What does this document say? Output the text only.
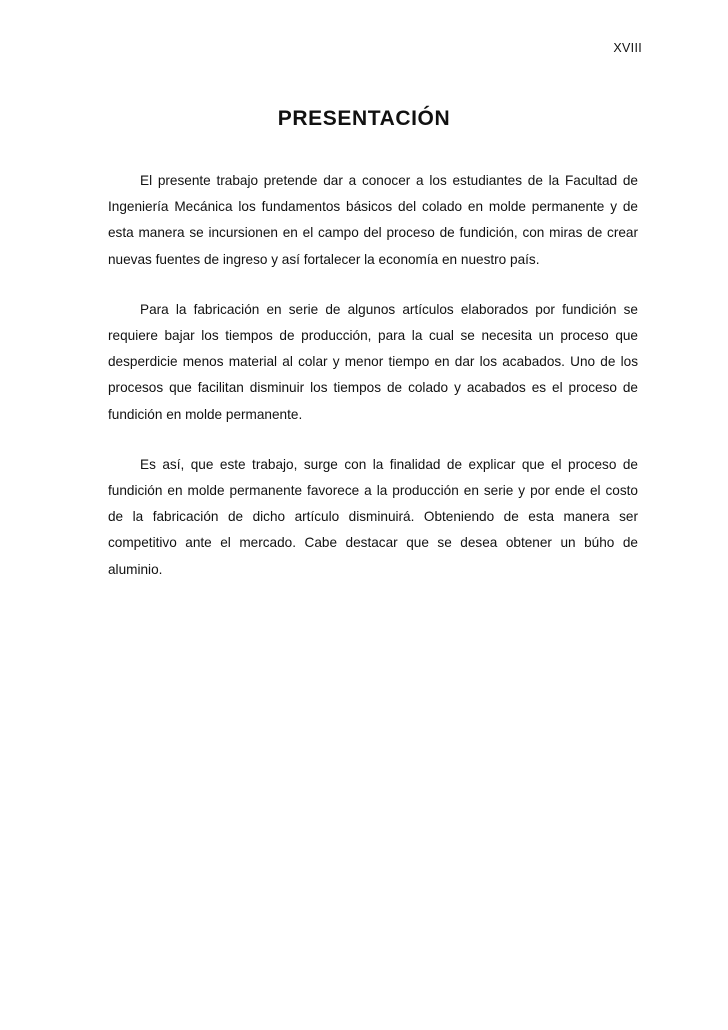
XVIII
PRESENTACIÓN

El presente trabajo pretende dar a conocer a los estudiantes de la Facultad de Ingeniería Mecánica los fundamentos básicos del colado en molde permanente y de esta manera se incursionen en el campo del proceso de fundición, con miras de crear nuevas fuentes de ingreso y así fortalecer la economía en nuestro país.

Para la fabricación en serie de algunos artículos elaborados por fundición se requiere bajar los tiempos de producción, para la cual se necesita un proceso que desperdicie menos material al colar y menor tiempo en dar los acabados. Uno de los procesos que facilitan disminuir los tiempos de colado y acabados es el proceso de fundición en molde permanente.

Es así, que este trabajo, surge con la finalidad de explicar que el proceso de fundición en molde permanente favorece a la producción en serie y por ende el costo de la fabricación de dicho artículo disminuirá. Obteniendo de esta manera ser competitivo ante el mercado. Cabe destacar que se desea obtener un búho de aluminio.
